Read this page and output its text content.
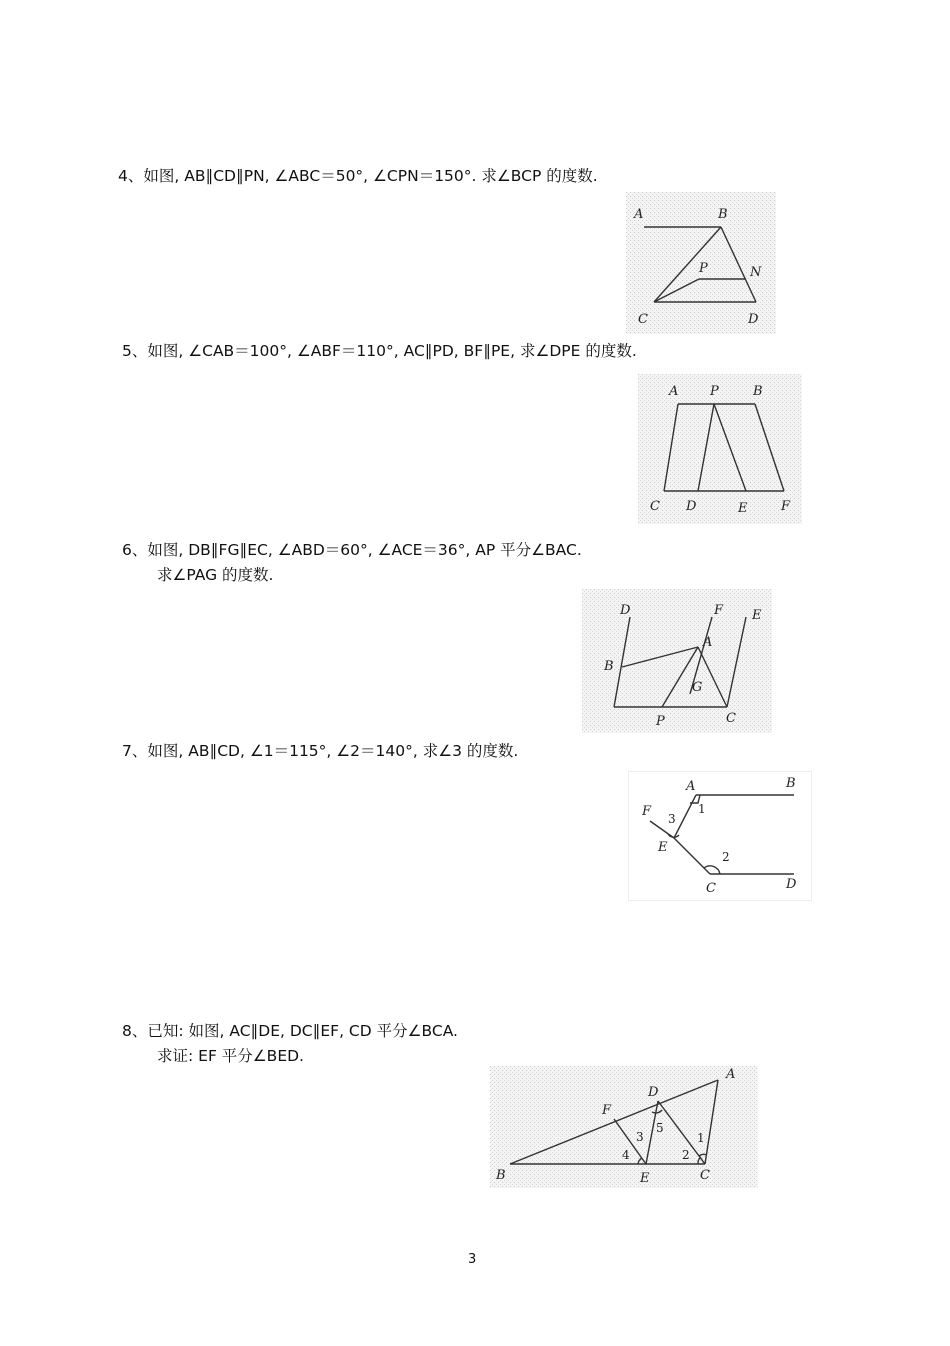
4、如图, AB∥CD∥PN, ∠ABC＝50°, ∠CPN＝150°. 求∠BCP 的度数.

A	B
P	N
C	D

5、如图, ∠CAB＝100°, ∠ABF＝110°, AC∥PD, BF∥PE, 求∠DPE 的度数.

A P	B
C D	E	F

6、如图, DB∥FG∥EC, ∠ABD＝60°, ∠ACE＝36°, AP 平分∠BAC.

求∠PAG 的度数.

D	F E
A
B
G
P	C

7、如图, AB∥CD, ∠1＝115°, ∠2＝140°, 求∠3 的度数.

A	B
F
E
C	D
1
2
3

8、已知: 如图, AC∥DE, DC∥EF, CD 平分∠BCA.

求证: EF 平分∠BED.

A
D
F
B	E	C
1
2
3
4
5
3
